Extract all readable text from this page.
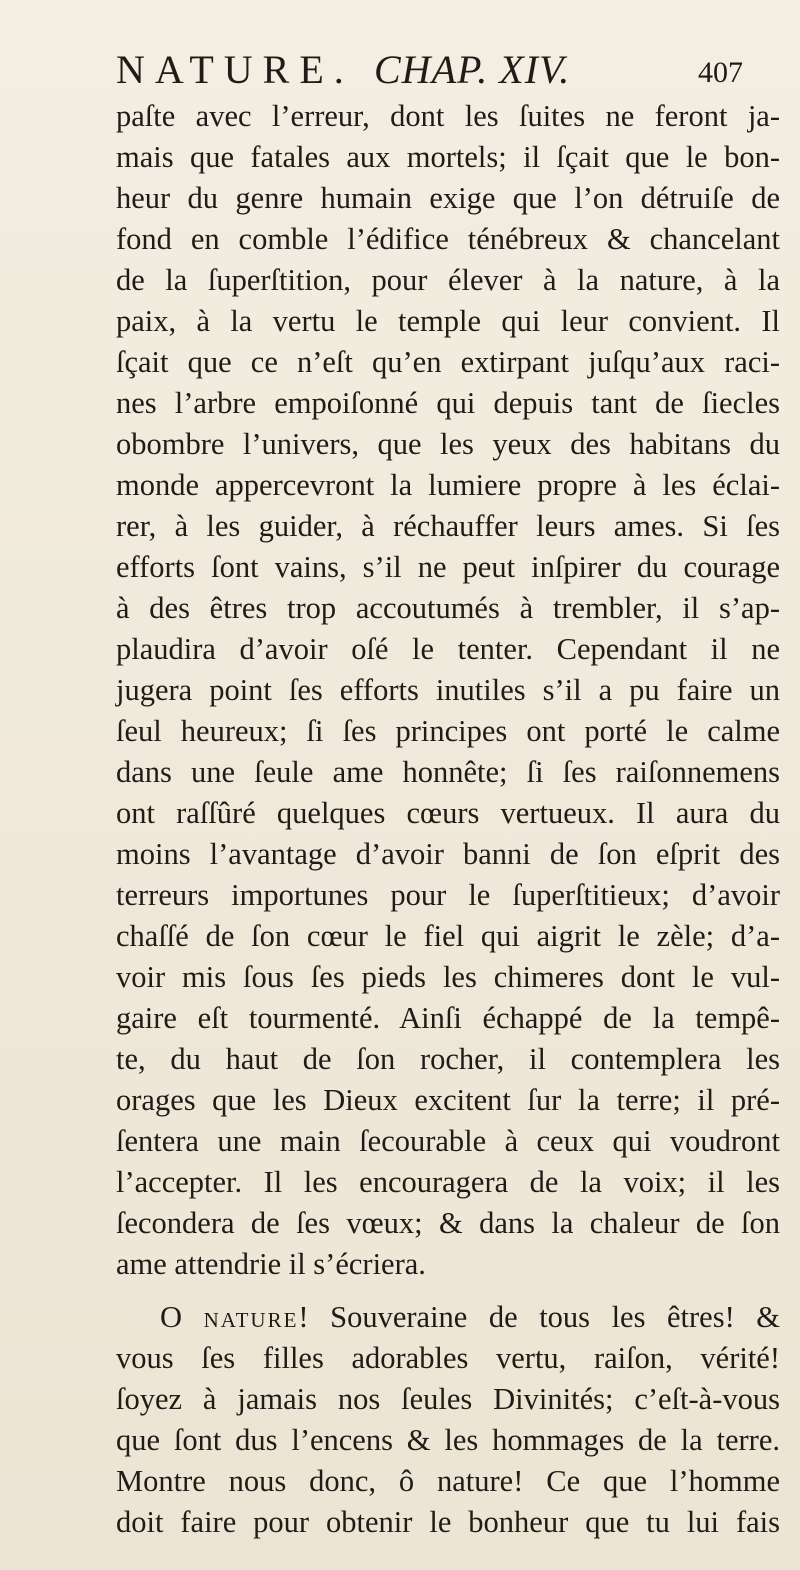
NATURE. CHAP. XIV.	407
paſte avec l’erreur, dont les ſuites ne feront ja-
mais que fatales aux mortels; il ſçait que le bon-
heur du genre humain exige que l’on détruiſe de
fond en comble l’édifice ténébreux & chancelant
de la ſuperſtition, pour élever à la nature, à la
paix, à la vertu le temple qui leur convient. Il
ſçait que ce n’eſt qu’en extirpant juſqu’aux raci-
nes l’arbre empoiſonné qui depuis tant de ſiecles
obombre l’univers, que les yeux des habitans du
monde appercevront la lumiere propre à les éclai-
rer, à les guider, à réchauffer leurs ames. Si ſes
efforts ſont vains, s’il ne peut inſpirer du courage
à des êtres trop accoutumés à trembler, il s’ap-
plaudira d’avoir oſé le tenter. Cependant il ne
jugera point ſes efforts inutiles s’il a pu faire un
ſeul heureux; ſi ſes principes ont porté le calme
dans une ſeule ame honnête; ſi ſes raiſonnemens
ont raſſûré quelques cœurs vertueux. Il aura du
moins l’avantage d’avoir banni de ſon eſprit des
terreurs importunes pour le ſuperſtitieux; d’avoir
chaſſé de ſon cœur le fiel qui aigrit le zèle; d’a-
voir mis ſous ſes pieds les chimeres dont le vul-
gaire eſt tourmenté. Ainſi échappé de la tempê-
te, du haut de ſon rocher, il contemplera les
orages que les Dieux excitent ſur la terre; il pré-
ſentera une main ſecourable à ceux qui voudront
l’accepter. Il les encouragera de la voix; il les
ſecondera de ſes vœux; & dans la chaleur de ſon
ame attendrie il s’écriera.
O nature! Souveraine de tous les êtres! &
vous ſes filles adorables vertu, raiſon, vérité!
ſoyez à jamais nos ſeules Divinités; c’eſt-à-vous
que ſont dus l’encens & les hommages de la terre.
Montre nous donc, ô nature! Ce que l’homme
doit faire pour obtenir le bonheur que tu lui fais
